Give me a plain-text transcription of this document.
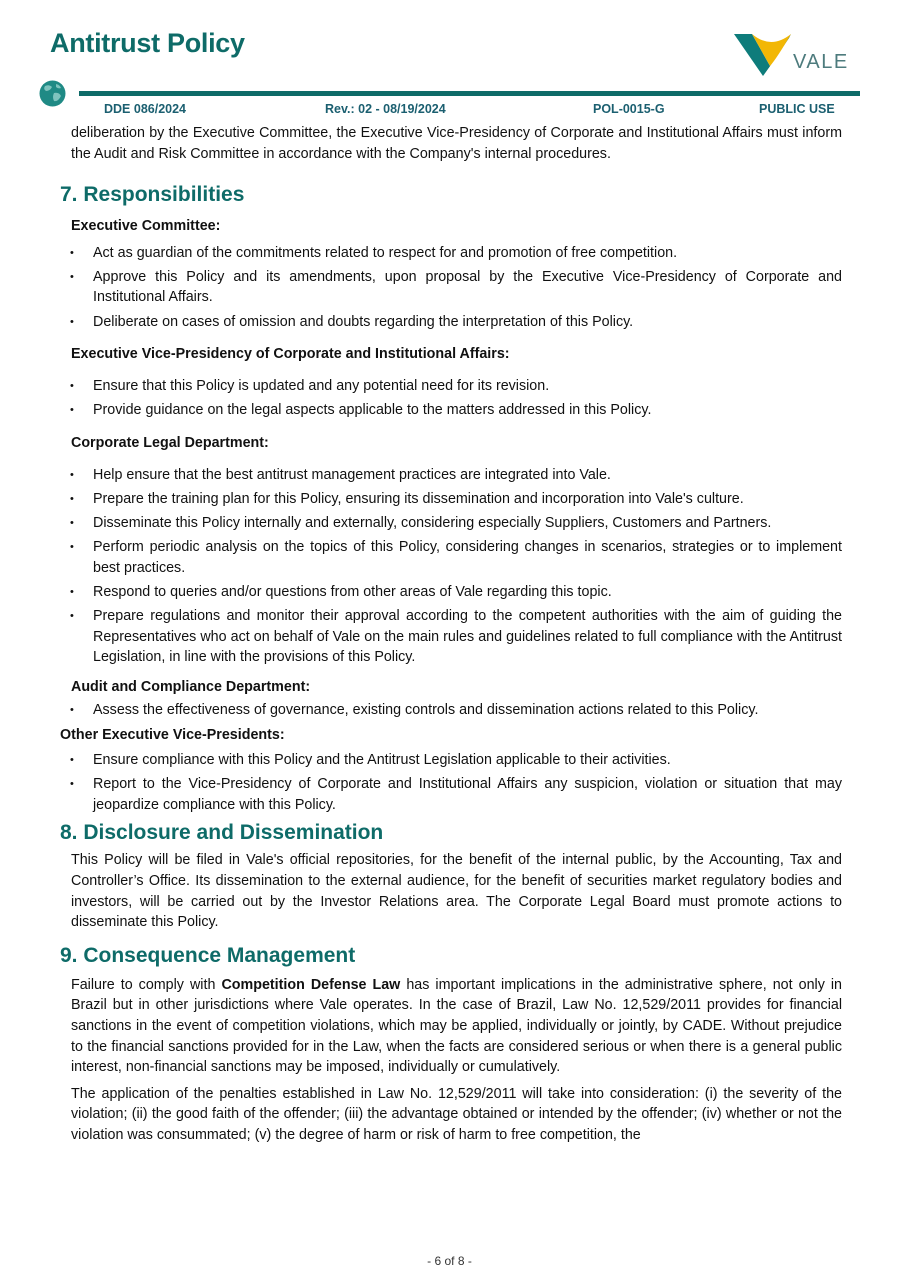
Antitrust Policy
VALE
DDE 086/2024	Rev.: 02 - 08/19/2024	POL-0015-G	PUBLIC USE

deliberation by the Executive Committee, the Executive Vice-Presidency of Corporate and Institutional Affairs must inform the Audit and Risk Committee in accordance with the Company's internal procedures.

7. Responsibilities
Executive Committee:
• Act as guardian of the commitments related to respect for and promotion of free competition.
• Approve this Policy and its amendments, upon proposal by the Executive Vice-Presidency of Corporate and Institutional Affairs.
• Deliberate on cases of omission and doubts regarding the interpretation of this Policy.
Executive Vice-Presidency of Corporate and Institutional Affairs:
• Ensure that this Policy is updated and any potential need for its revision.
• Provide guidance on the legal aspects applicable to the matters addressed in this Policy.
Corporate Legal Department:
• Help ensure that the best antitrust management practices are integrated into Vale.
• Prepare the training plan for this Policy, ensuring its dissemination and incorporation into Vale's culture.
• Disseminate this Policy internally and externally, considering especially Suppliers, Customers and Partners.
• Perform periodic analysis on the topics of this Policy, considering changes in scenarios, strategies or to implement best practices.
• Respond to queries and/or questions from other areas of Vale regarding this topic.
• Prepare regulations and monitor their approval according to the competent authorities with the aim of guiding the Representatives who act on behalf of Vale on the main rules and guidelines related to full compliance with the Antitrust Legislation, in line with the provisions of this Policy.
Audit and Compliance Department:
• Assess the effectiveness of governance, existing controls and dissemination actions related to this Policy.
Other Executive Vice-Presidents:
• Ensure compliance with this Policy and the Antitrust Legislation applicable to their activities.
• Report to the Vice-Presidency of Corporate and Institutional Affairs any suspicion, violation or situation that may jeopardize compliance with this Policy.
8. Disclosure and Dissemination

This Policy will be filed in Vale's official repositories, for the benefit of the internal public, by the Accounting, Tax and Controller’s Office. Its dissemination to the external audience, for the benefit of securities market regulatory bodies and investors, will be carried out by the Investor Relations area. The Corporate Legal Board must promote actions to disseminate this Policy.

9. Consequence Management

Failure to comply with Competition Defense Law has important implications in the administrative sphere, not only in Brazil but in other jurisdictions where Vale operates. In the case of Brazil, Law No. 12,529/2011 provides for financial sanctions in the event of competition violations, which may be applied, individually or jointly, by CADE. Without prejudice to the financial sanctions provided for in the Law, when the facts are considered serious or when there is a general public interest, non-financial sanctions may be imposed, individually or cumulatively.

The application of the penalties established in Law No. 12,529/2011 will take into consideration: (i) the severity of the violation; (ii) the good faith of the offender; (iii) the advantage obtained or intended by the offender; (iv) whether or not the violation was consummated; (v) the degree of harm or risk of harm to free competition, the

- 6 of 8 -
